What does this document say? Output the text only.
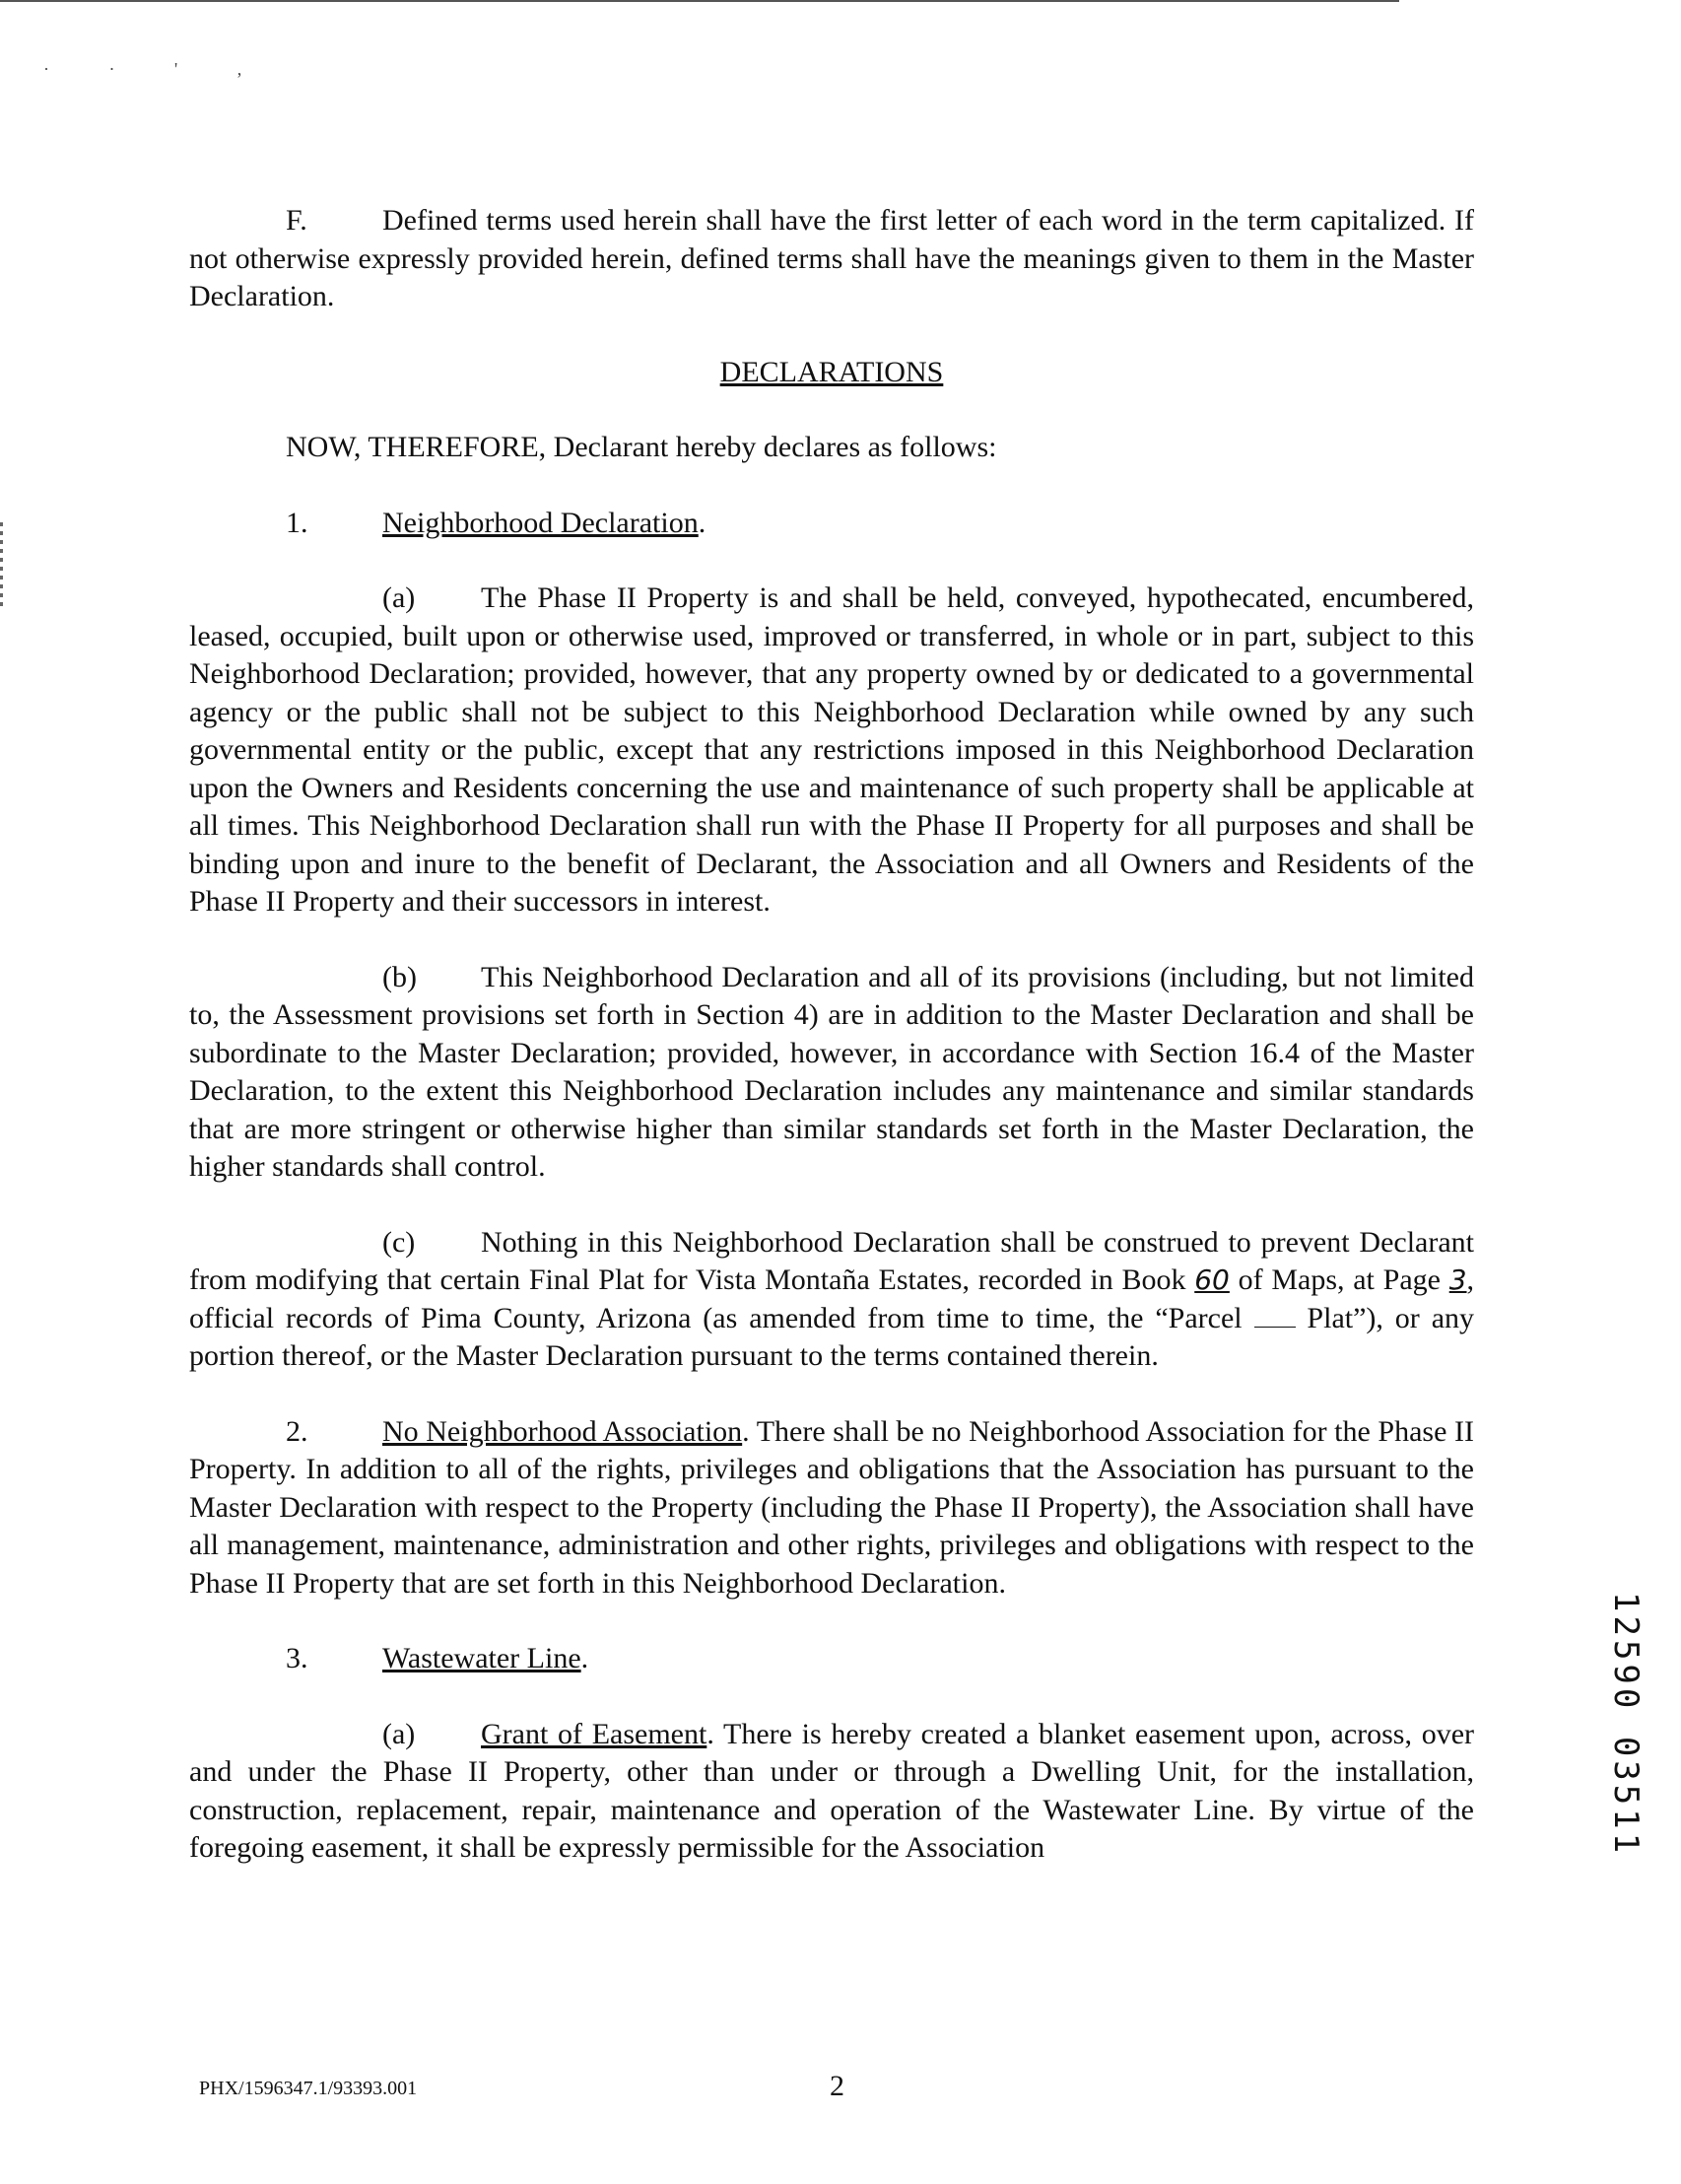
· · ' ,

F.	Defined terms used herein shall have the first letter of each word in the term capitalized. If not otherwise expressly provided herein, defined terms shall have the meanings given to them in the Master Declaration.

DECLARATIONS

NOW, THEREFORE, Declarant hereby declares as follows:

1.	Neighborhood Declaration.

(a) The Phase II Property is and shall be held, conveyed, hypothecated, encumbered, leased, occupied, built upon or otherwise used, improved or transferred, in whole or in part, subject to this Neighborhood Declaration; provided, however, that any property owned by or dedicated to a governmental agency or the public shall not be subject to this Neighborhood Declaration while owned by any such governmental entity or the public, except that any restrictions imposed in this Neighborhood Declaration upon the Owners and Residents concerning the use and maintenance of such property shall be applicable at all times. This Neighborhood Declaration shall run with the Phase II Property for all purposes and shall be binding upon and inure to the benefit of Declarant, the Association and all Owners and Residents of the Phase II Property and their successors in interest.

(b) This Neighborhood Declaration and all of its provisions (including, but not limited to, the Assessment provisions set forth in Section 4) are in addition to the Master Declaration and shall be subordinate to the Master Declaration; provided, however, in accordance with Section 16.4 of the Master Declaration, to the extent this Neighborhood Declaration includes any maintenance and similar standards that are more stringent or otherwise higher than similar standards set forth in the Master Declaration, the higher standards shall control.

(c) Nothing in this Neighborhood Declaration shall be construed to prevent Declarant from modifying that certain Final Plat for Vista Montaña Estates, recorded in Book 60 of Maps, at Page 3, official records of Pima County, Arizona (as amended from time to time, the “Parcel Plat”), or any portion thereof, or the Master Declaration pursuant to the terms contained therein.

2.	No Neighborhood Association. There shall be no Neighborhood Association for the Phase II Property. In addition to all of the rights, privileges and obligations that the Association has pursuant to the Master Declaration with respect to the Property (including the Phase II Property), the Association shall have all management, maintenance, administration and other rights, privileges and obligations with respect to the Phase II Property that are set forth in this Neighborhood Declaration.

3.	Wastewater Line.

(a) Grant of Easement. There is hereby created a blanket easement upon, across, over and under the Phase II Property, other than under or through a Dwelling Unit, for the installation, construction, replacement, repair, maintenance and operation of the Wastewater Line. By virtue of the foregoing easement, it shall be expressly permissible for the Association

PHX/1596347.1/93393.001	2
12590 03511
